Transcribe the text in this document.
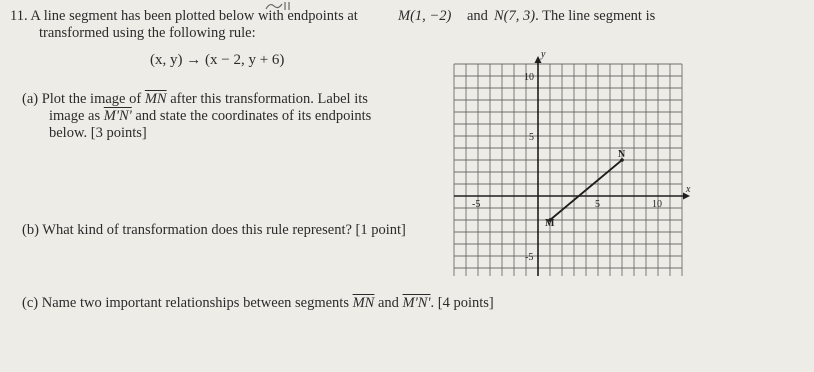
11. A line segment has been plotted below with endpoints at	M(1, −2) and N(7, 3). The line segment is
transformed using the following rule:
(x, y) → (x − 2, y + 6)
(a) Plot the image of $\overline{MN}$ after this transformation. Label its
image as M'N' and state the coordinates of its endpoints
below. [3 points]
(b) What kind of transformation does this rule represent? [1 point]
(c) Name two important relationships between segments $\overline{MN}$ and M'N'. [4 points]
y
x
10
5
-5
-5	5	10
M
N
